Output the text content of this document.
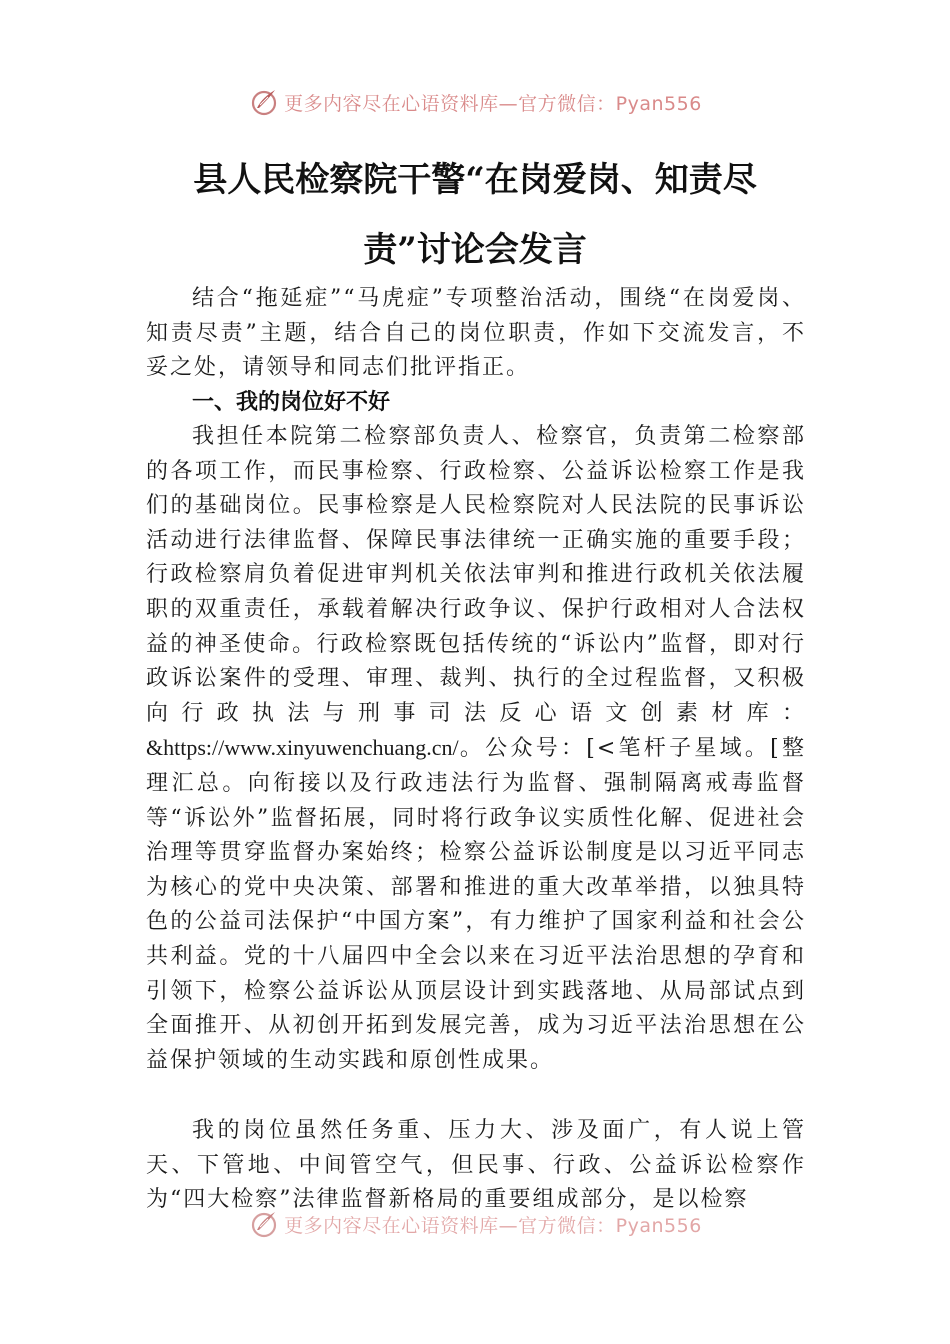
更多内容尽在心语资料库—官方微信：Pyan556
县人民检察院干警“在岗爱岗、知责尽
责”讨论会发言

结合“拖延症”“马虎症”专项整治活动，围绕“在岗爱岗、知责尽责”主题，结合自己的岗位职责，作如下交流发言，不妥之处，请领导和同志们批评指正。

一、我的岗位好不好

我担任本院第二检察部负责人、检察官，负责第二检察部的各项工作，而民事检察、行政检察、公益诉讼检察工作是我们的基础岗位。民事检察是人民检察院对人民法院的民事诉讼活动进行法律监督、保障民事法律统一正确实施的重要手段；行政检察肩负着促进审判机关依法审判和推进行政机关依法履职的双重责任，承载着解决行政争议、保护行政相对人合法权益的神圣使命。行政检察既包括传统的“诉讼内”监督，即对行政诉讼案件的受理、审理、裁判、执行的全过程监督，又积极向行政执法与刑事司法反心语文创素材库：&https://www.xinyuwenchuang.cn/。公众号：[<笔杆子星域。[整理汇总。向衔接以及行政违法行为监督、强制隔离戒毒监督等“诉讼外”监督拓展，同时将行政争议实质性化解、促进社会治理等贯穿监督办案始终；检察公益诉讼制度是以习近平同志为核心的党中央决策、部署和推进的重大改革举措，以独具特色的公益司法保护“中国方案”，有力维护了国家利益和社会公共利益。党的十八届四中全会以来在习近平法治思想的孕育和引领下，检察公益诉讼从顶层设计到实践落地、从局部试点到全面推开、从初创开拓到发展完善，成为习近平法治思想在公益保护领域的生动实践和原创性成果。

我的岗位虽然任务重、压力大、涉及面广，有人说上管天、下管地、中间管空气，但民事、行政、公益诉讼检察作为“四大检察”法律监督新格局的重要组成部分，是以检察

更多内容尽在心语资料库—官方微信：Pyan556
